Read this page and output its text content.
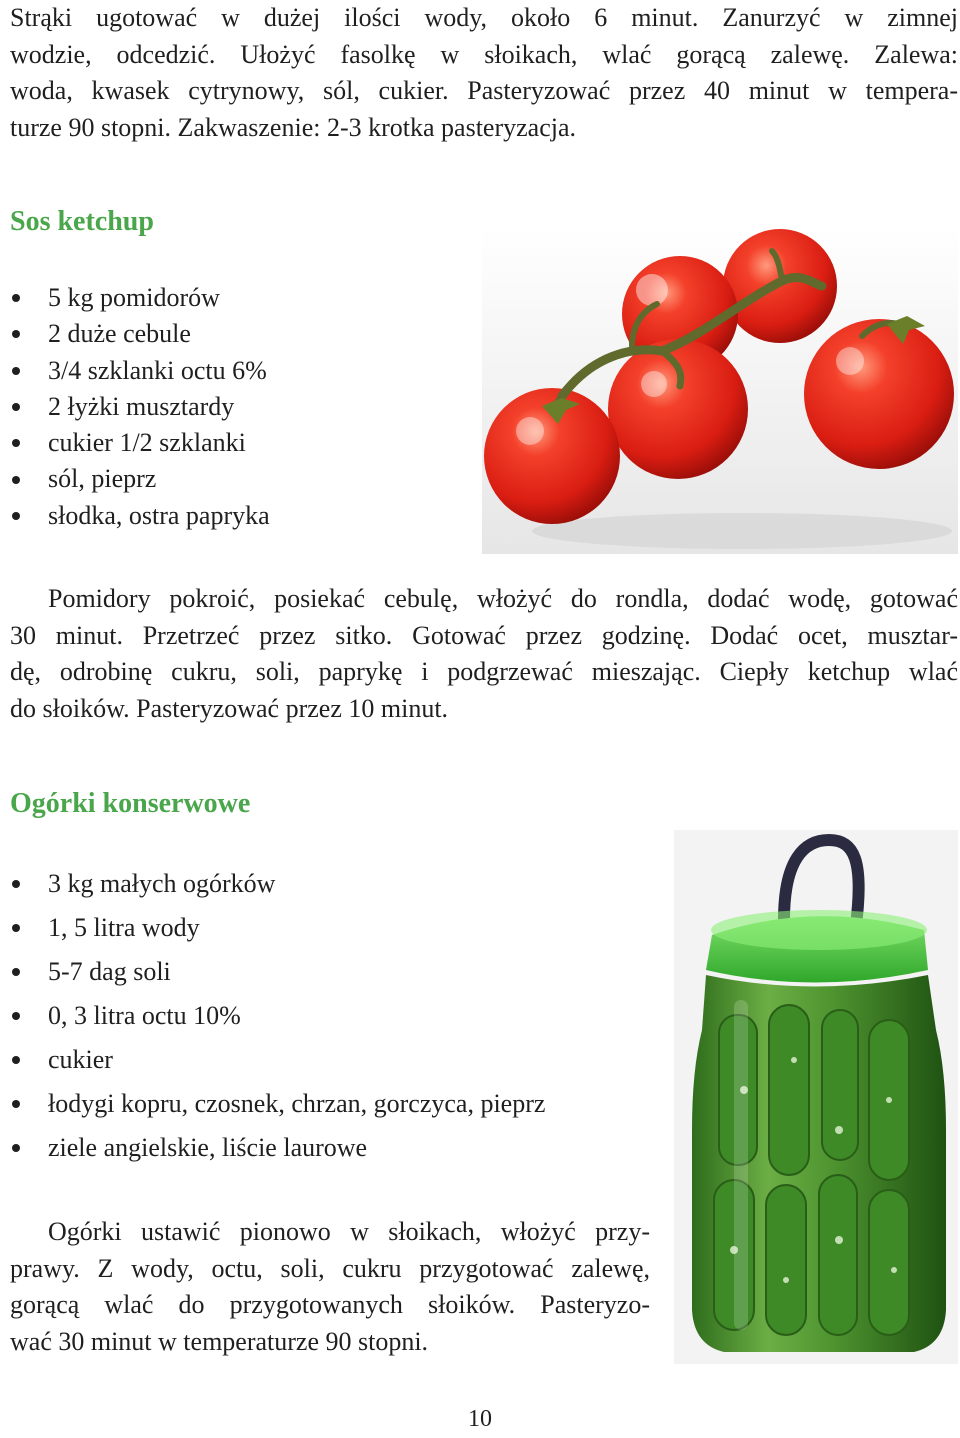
Strąki ugotować w dużej ilości wody, około 6 minut. Zanurzyć w zimnej
wodzie, odcedzić. Ułożyć fasolkę w słoikach, wlać gorącą zalewę. Zalewa:
woda, kwasek cytrynowy, sól, cukier. Pasteryzować przez 40 minut w tempera-
turze 90 stopni. Zakwaszenie: 2-3 krotka pasteryzacja.
Sos ketchup
5 kg pomidorów
2 duże cebule
3/4 szklanki octu 6%
2 łyżki musztardy
cukier 1/2 szklanki
sól, pieprz
słodka, ostra papryka
Pomidory pokroić, posiekać cebulę, włożyć do rondla, dodać wodę, gotować
30 minut. Przetrzeć przez sitko. Gotować przez godzinę. Dodać ocet, musztar-
dę, odrobinę cukru, soli, paprykę i podgrzewać mieszając. Ciepły ketchup wlać
do słoików. Pasteryzować przez 10 minut.
Ogórki konserwowe
3 kg małych ogórków
1, 5 litra wody
5-7 dag soli
0, 3 litra octu 10%
cukier
łodygi kopru, czosnek, chrzan, gorczyca, pieprz
ziele angielskie, liście laurowe
Ogórki ustawić pionowo w słoikach, włożyć przy-
prawy. Z wody, octu, soli, cukru przygotować zalewę,
gorącą wlać do przygotowanych słoików. Pasteryzo-
wać 30 minut w temperaturze 90 stopni.
10
